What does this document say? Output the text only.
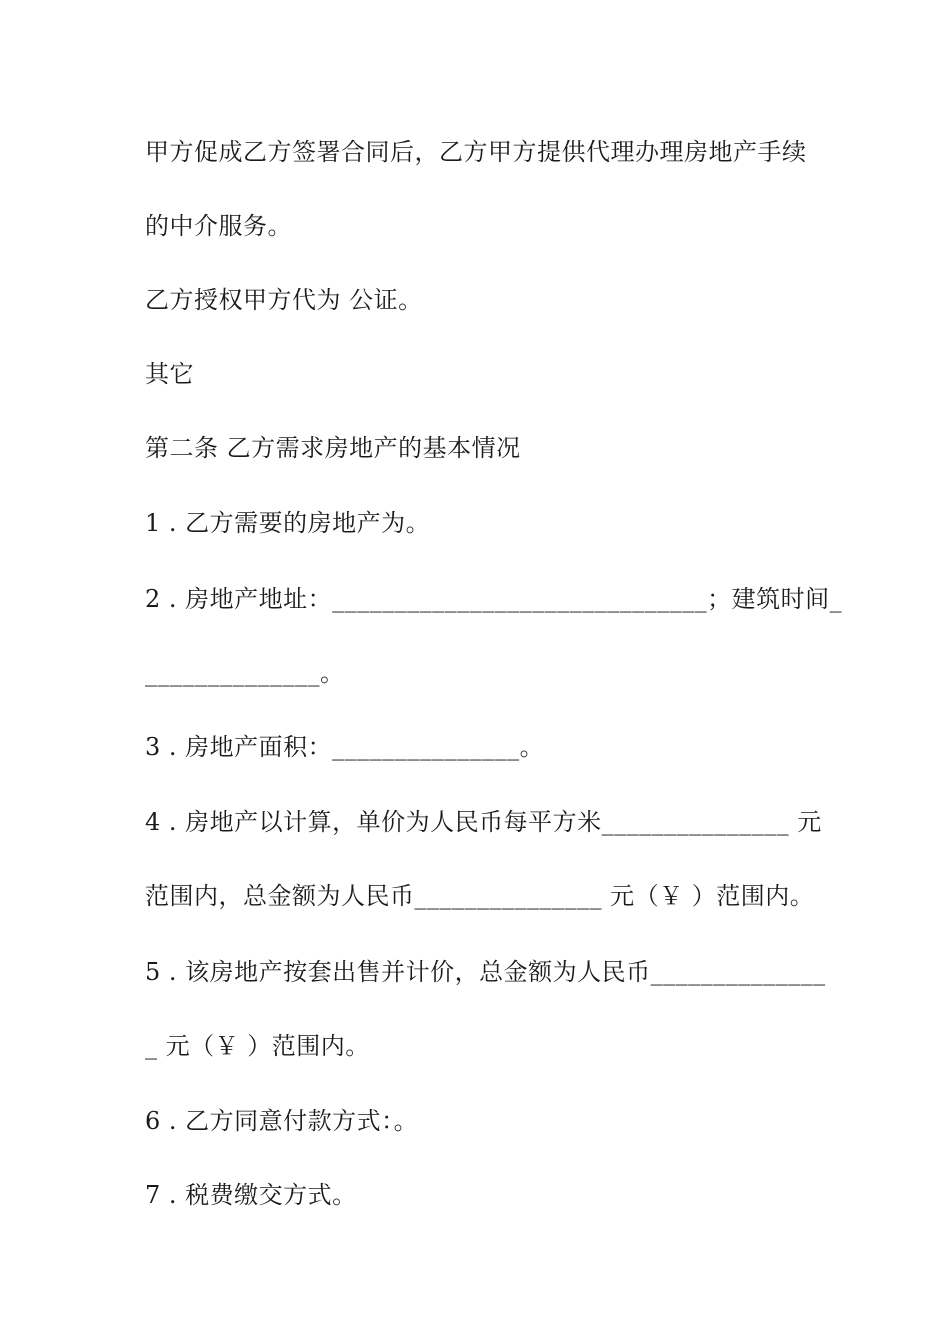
甲方促成乙方签署合同后，乙方甲方提供代理办理房地产手续
的中介服务。
乙方授权甲方代为 公证。
其它
第二条 乙方需求房地产的基本情况
1 . 乙方需要的房地产为。
2 . 房地产地址：______________________________；建筑时间_
______________。
3 . 房地产面积：_______________。
4 . 房地产以计算，单价为人民币每平方米_______________ 元
范围内，总金额为人民币_______________ 元（￥ ）范围内。
5 . 该房地产按套出售并计价，总金额为人民币______________
_ 元（￥ ）范围内。
6 . 乙方同意付款方式：。
7 . 税费缴交方式。
